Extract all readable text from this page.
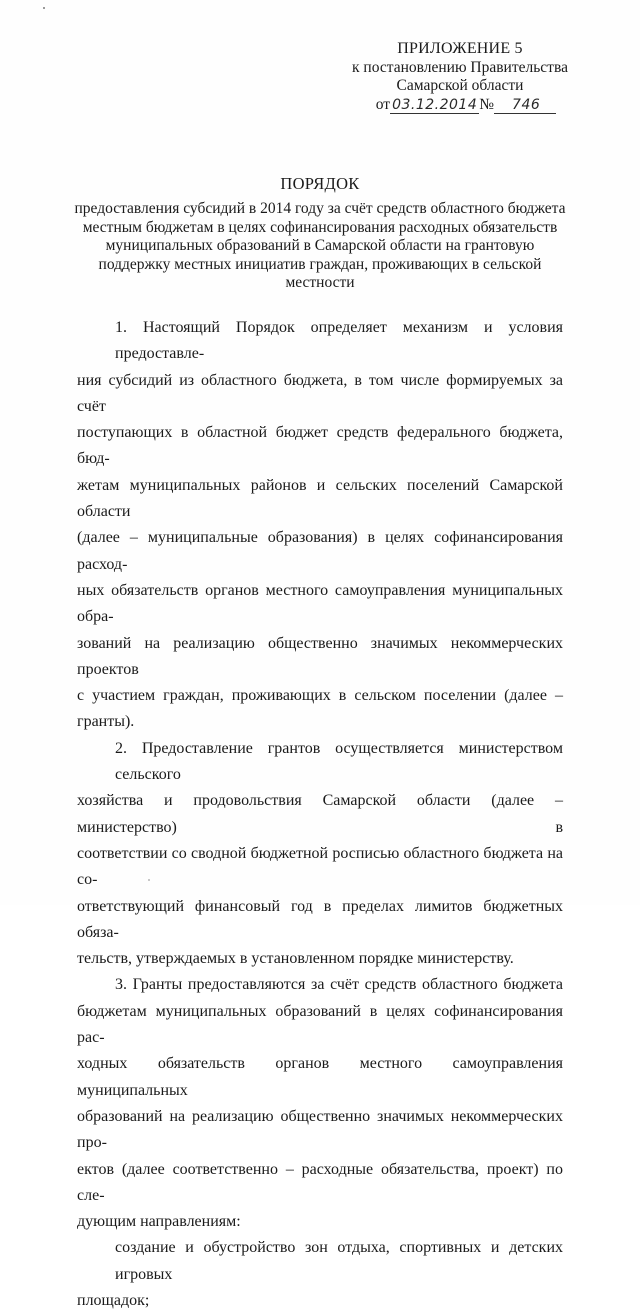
ПРИЛОЖЕНИЕ 5
к постановлению Правительства
Самарской области
от 03.12.2014 № 746
ПОРЯДОК
предоставления субсидий в 2014 году за счёт средств областного бюджета
местным бюджетам в целях софинансирования расходных обязательств
муниципальных образований в Самарской области на грантовую
поддержку местных инициатив граждан, проживающих в сельской
местности
1. Настоящий Порядок определяет механизм и условия предоставле-
ния субсидий из областного бюджета, в том числе формируемых за счёт
поступающих в областной бюджет средств федерального бюджета, бюд-
жетам муниципальных районов и сельских поселений Самарской области
(далее – муниципальные образования) в целях софинансирования расход-
ных обязательств органов местного самоуправления муниципальных обра-
зований на реализацию общественно значимых некоммерческих проектов
с участием граждан, проживающих в сельском поселении (далее – гранты).
2. Предоставление грантов осуществляется министерством сельского
хозяйства и продовольствия Самарской области (далее – министерство) в
соответствии со сводной бюджетной росписью областного бюджета на со-
ответствующий финансовый год в пределах лимитов бюджетных обяза-
тельств, утверждаемых в установленном порядке министерству.
3. Гранты предоставляются за счёт средств областного бюджета
бюджетам муниципальных образований в целях софинансирования рас-
ходных обязательств органов местного самоуправления муниципальных
образований на реализацию общественно значимых некоммерческих про-
ектов (далее соответственно – расходные обязательства, проект) по сле-
дующим направлениям:
создание и обустройство зон отдыха, спортивных и детских игровых
площадок;
